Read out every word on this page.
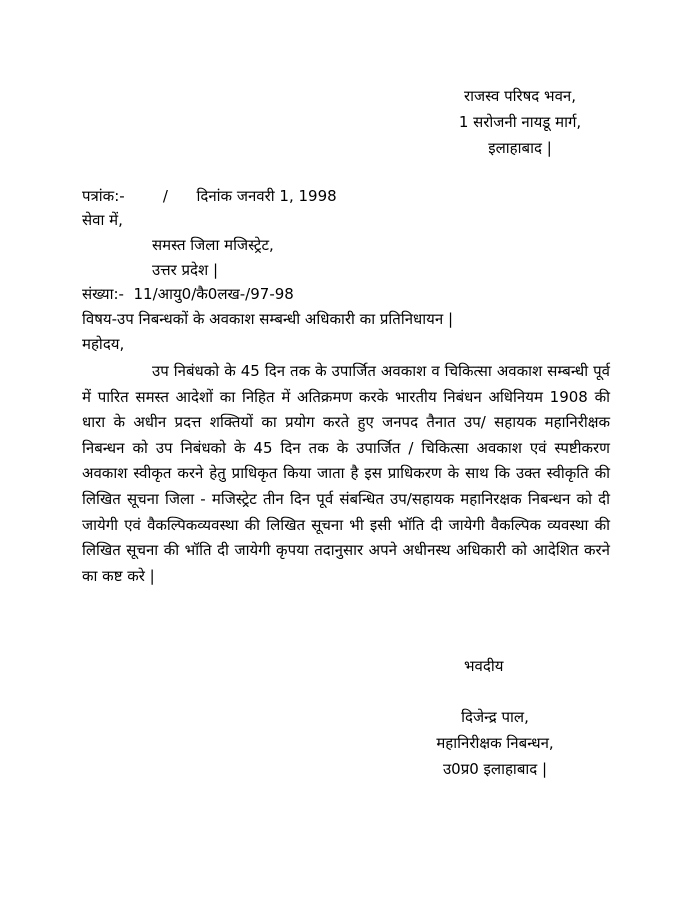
राजस्व परिषद भवन,
1 सरोजनी नायडू मार्ग,
इलाहाबाद |
पत्रांक:-        /      दिनांक जनवरी 1, 1998
सेवा में,
समस्त जिला मजिस्ट्रेट,
उत्तर प्रदेश |
संख्या:-  11/आयु0/कै0लख-/97-98
विषय-उप निबन्धकों के अवकाश सम्बन्धी अधिकारी का प्रतिनिधायन |
महोदय,
उप निबंधको के 45 दिन तक के उपार्जित अवकाश व चिकित्सा अवकाश सम्बन्धी पूर्व में पारित समस्त आदेशों का निहित में अतिक्रमण करके भारतीय निबंधन अधिनियम 1908 की धारा के अधीन प्रदत्त शक्तियों का प्रयोग करते हुए जनपद तैनात उप/ सहायक महानिरीक्षक निबन्धन को उप निबंधको के 45 दिन तक के उपार्जित / चिकित्सा अवकाश एवं स्पष्टीकरण अवकाश स्वीकृत करने हेतु प्राधिकृत किया जाता है इस प्राधिकरण के साथ कि उक्त स्वीकृति की लिखित सूचना जिला - मजिस्ट्रेट तीन दिन पूर्व संबन्धित उप/सहायक महानिरक्षक निबन्धन को दी जायेगी एवं वैकल्पिकव्यवस्था की लिखित सूचना भी इसी भॉति दी जायेगी वैकल्पिक व्यवस्था की लिखित सूचना की भॉति दी जायेगी कृपया तदानुसार अपने अधीनस्थ अधिकारी को आदेशित करने का कष्ट करे |
भवदीय
दिजेन्द्र पाल,
महानिरीक्षक निबन्धन,
उ0प्र0 इलाहाबाद |
